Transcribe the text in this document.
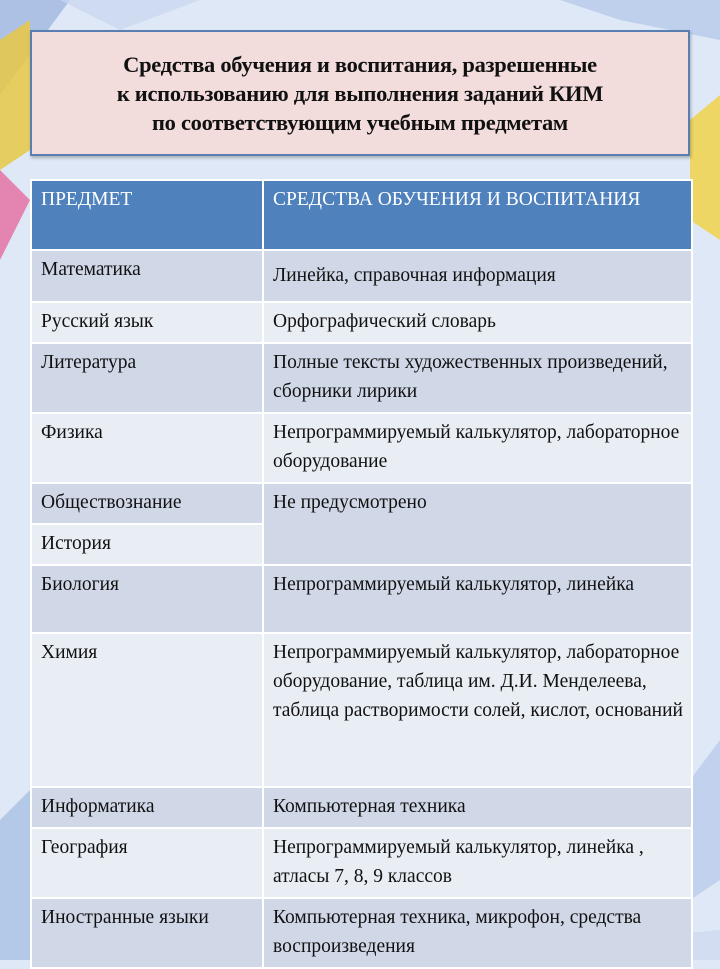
Средства обучения и воспитания, разрешенные
к использованию для выполнения заданий КИМ
по соответствующим учебным предметам
ПРЕДМЕТ	СРЕДСТВА ОБУЧЕНИЯ И ВОСПИТАНИЯ
Математика	Линейка, справочная информация
Русский язык	Орфографический словарь
Литература	Полные тексты художественных произведений, сборники лирики
Физика	Непрограммируемый калькулятор, лабораторное оборудование
Обществознание	Не предусмотрено
История	
Биология	Непрограммируемый калькулятор, линейка
Химия	Непрограммируемый калькулятор, лабораторное оборудование, таблица им. Д.И. Менделеева, таблица растворимости солей, кислот, оснований
Информатика	Компьютерная техника
География	Непрограммируемый калькулятор, линейка , атласы 7, 8, 9 классов
Иностранные языки	Компьютерная техника, микрофон, средства воспроизведения
